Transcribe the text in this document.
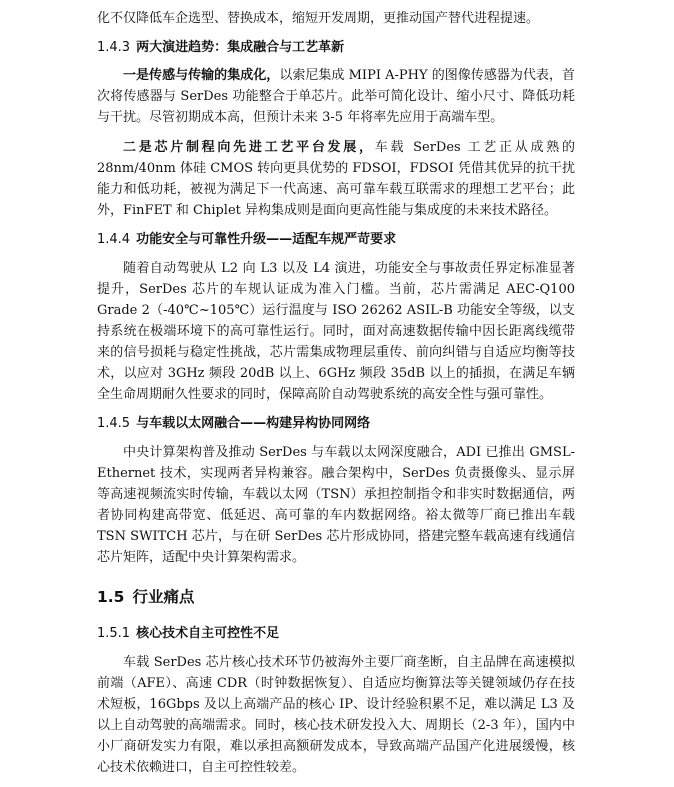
化不仅降低车企选型、替换成本，缩短开发周期，更推动国产替代进程提速。

1.4.3 两大演进趋势：集成融合与工艺革新

一是传感与传输的集成化，以索尼集成 MIPI A-PHY 的图像传感器为代表，首次将传感器与 SerDes 功能整合于单芯片。此举可简化设计、缩小尺寸、降低功耗与干扰。尽管初期成本高，但预计未来 3-5 年将率先应用于高端车型。

二是芯片制程向先进工艺平台发展，车载 SerDes 工艺正从成熟的 28nm/40nm 体硅 CMOS 转向更具优势的 FDSOI，FDSOI 凭借其优异的抗干扰能力和低功耗，被视为满足下一代高速、高可靠车载互联需求的理想工艺平台；此外，FinFET 和 Chiplet 异构集成则是面向更高性能与集成度的未来技术路径。

1.4.4 功能安全与可靠性升级——适配车规严苛要求

随着自动驾驶从 L2 向 L3 以及 L4 演进，功能安全与事故责任界定标准显著提升，SerDes 芯片的车规认证成为准入门槛。当前，芯片需满足 AEC-Q100 Grade 2（-40℃~105℃）运行温度与 ISO 26262 ASIL-B 功能安全等级，以支持系统在极端环境下的高可靠性运行。同时，面对高速数据传输中因长距离线缆带来的信号损耗与稳定性挑战，芯片需集成物理层重传、前向纠错与自适应均衡等技术，以应对 3GHz 频段 20dB 以上、6GHz 频段 35dB 以上的插损，在满足车辆全生命周期耐久性要求的同时，保障高阶自动驾驶系统的高安全性与强可靠性。

1.4.5 与车载以太网融合——构建异构协同网络

中央计算架构普及推动 SerDes 与车载以太网深度融合，ADI 已推出 GMSL-Ethernet 技术，实现两者异构兼容。融合架构中，SerDes 负责摄像头、显示屏等高速视频流实时传输，车载以太网（TSN）承担控制指令和非实时数据通信，两者协同构建高带宽、低延迟、高可靠的车内数据网络。裕太微等厂商已推出车载 TSN SWITCH 芯片，与在研 SerDes 芯片形成协同，搭建完整车载高速有线通信芯片矩阵，适配中央计算架构需求。

1.5 行业痛点
1.5.1 核心技术自主可控性不足

车载 SerDes 芯片核心技术环节仍被海外主要厂商垄断，自主品牌在高速模拟前端（AFE）、高速 CDR（时钟数据恢复）、自适应均衡算法等关键领域仍存在技术短板，16Gbps 及以上高端产品的核心 IP、设计经验积累不足，难以满足 L3 及以上自动驾驶的高端需求。同时，核心技术研发投入大、周期长（2-3 年），国内中小厂商研发实力有限，难以承担高额研发成本，导致高端产品国产化进展缓慢，核心技术依赖进口，自主可控性较差。
